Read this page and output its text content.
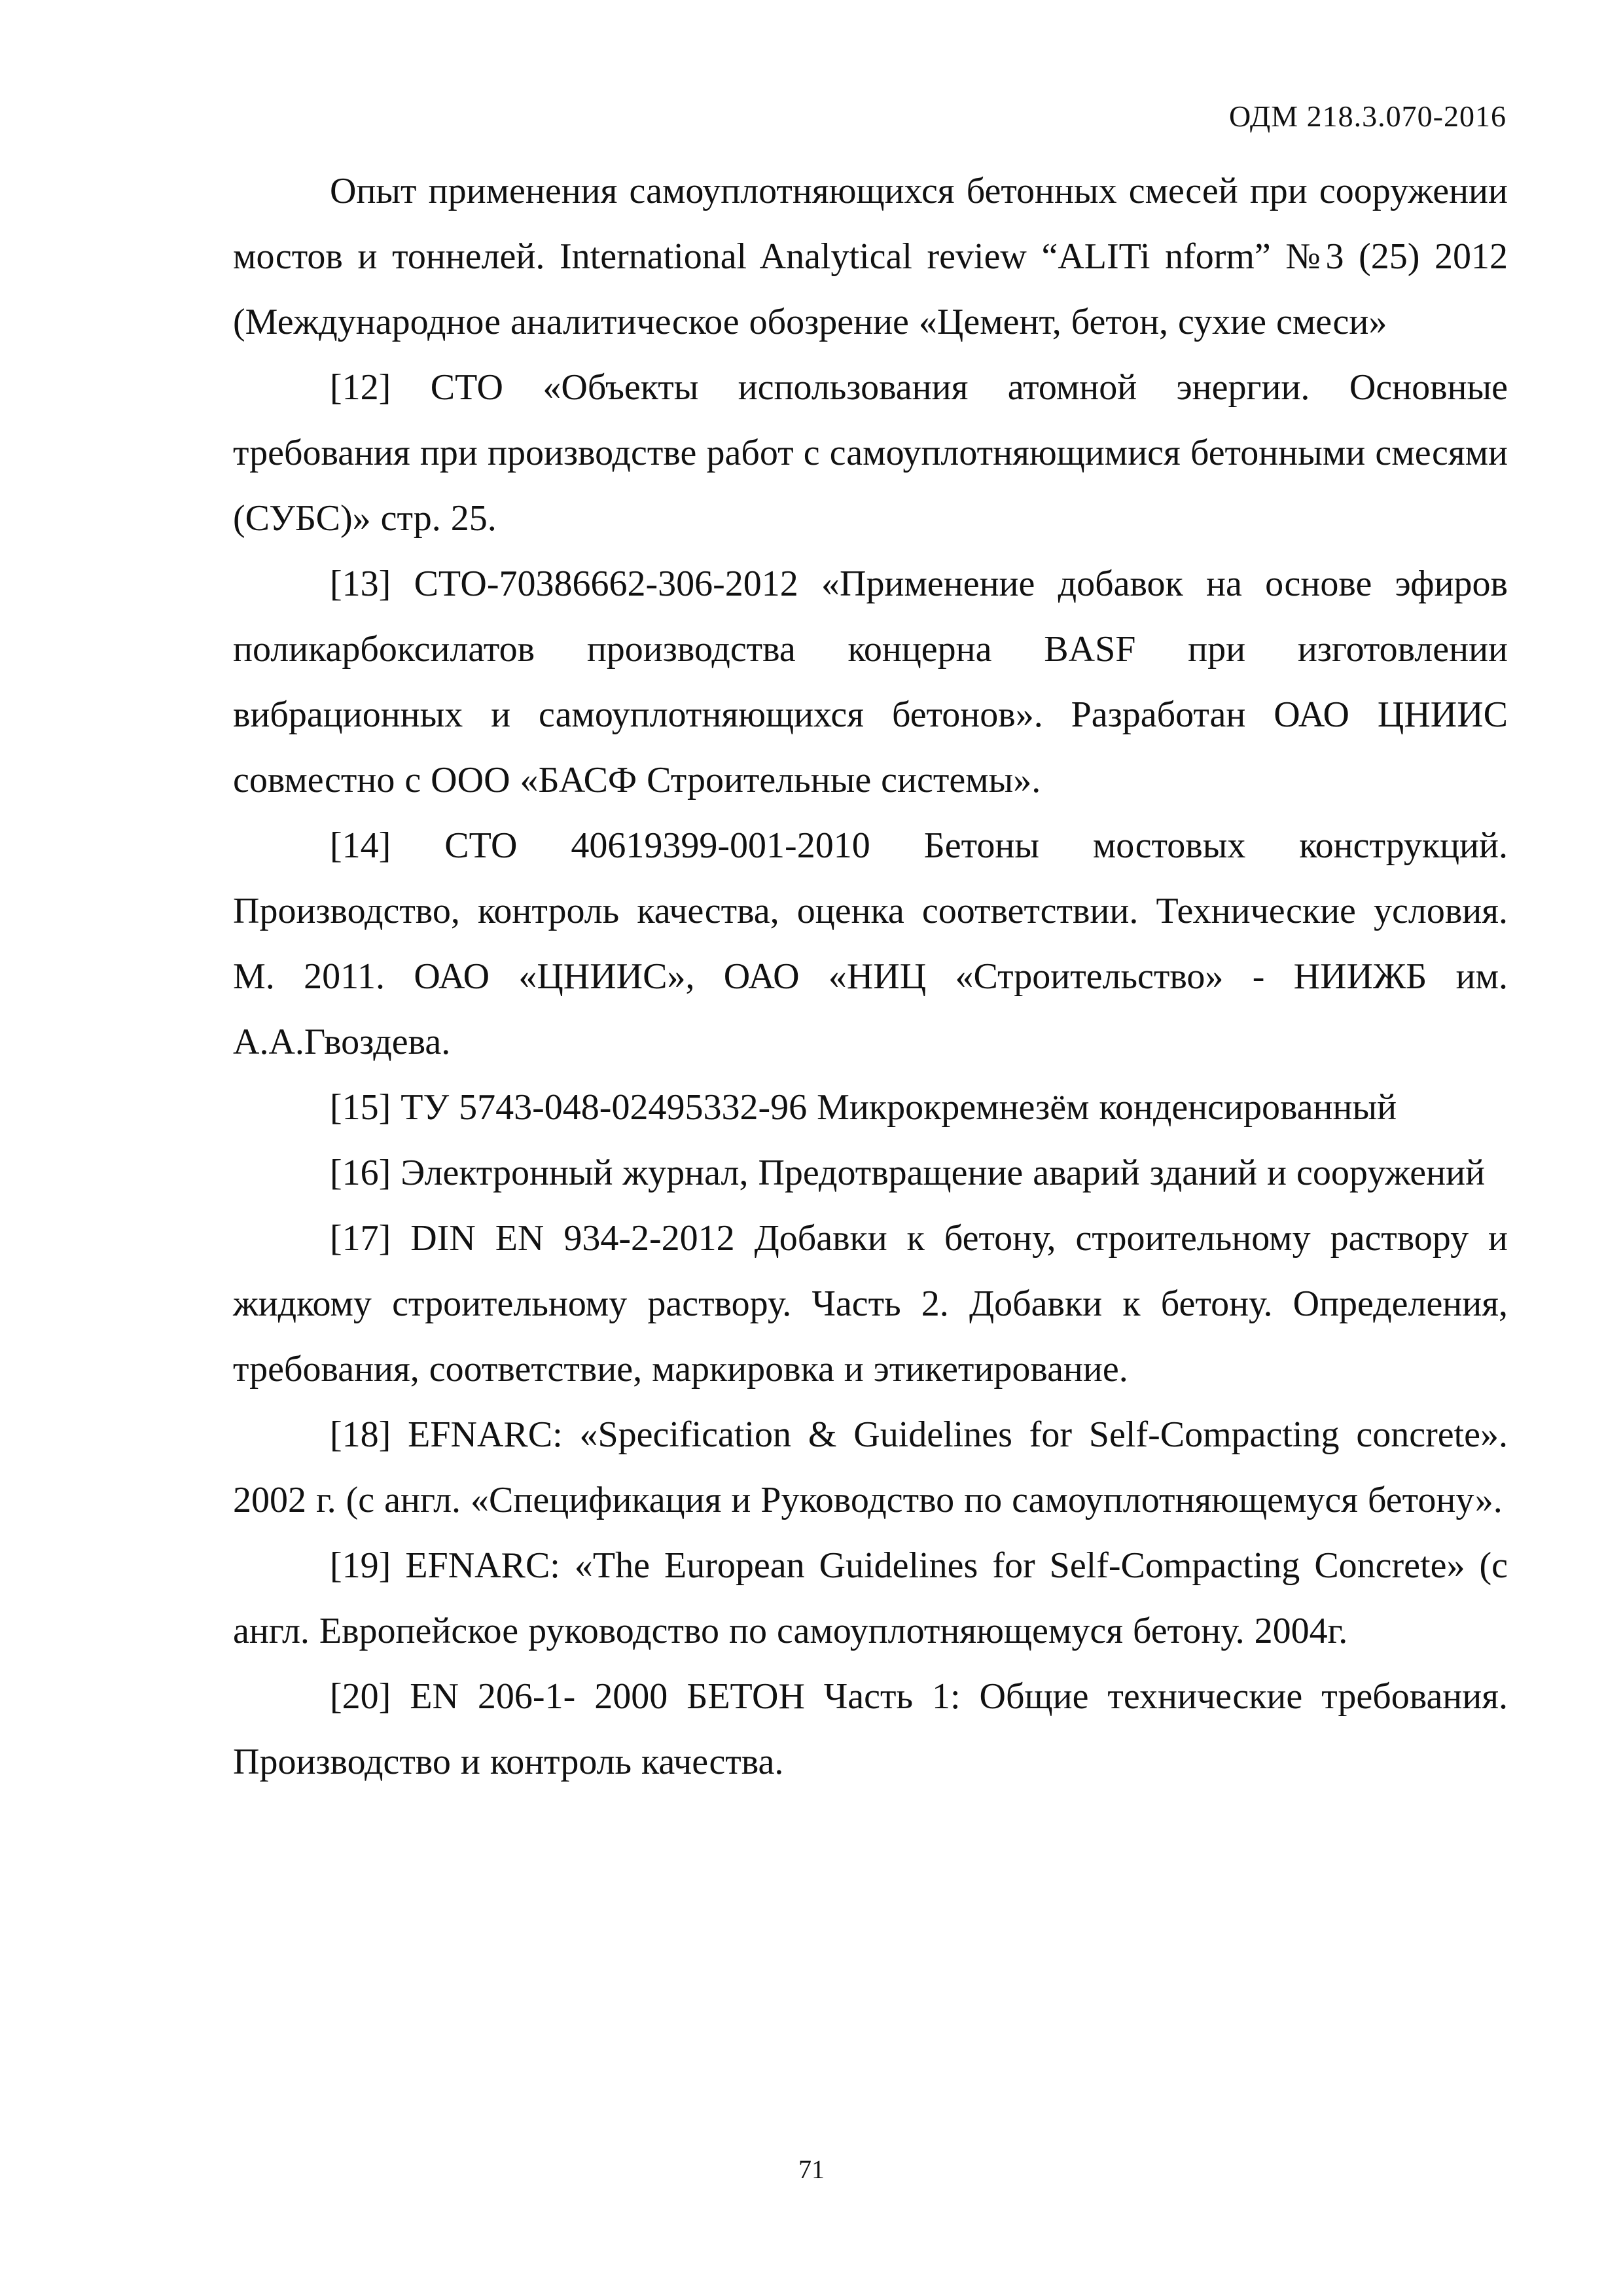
ОДМ 218.3.070-2016

Опыт применения самоуплотняющихся бетонных смесей при сооружении мостов и тоннелей. International Analytical review “ALITi nform” №3 (25) 2012 (Международное аналитическое обозрение «Цемент, бетон, сухие смеси»

[12] СТО «Объекты использования атомной энергии. Основные требования при производстве работ с самоуплотняющимися бетонными смесями (СУБС)» стр. 25.

[13] СТО-70386662-306-2012 «Применение добавок на основе эфиров поликарбоксилатов производства концерна BASF при изготовлении вибрационных и самоуплотняющихся бетонов». Разработан ОАО ЦНИИС совместно с ООО «БАСФ Строительные системы».

[14] СТО 40619399-001-2010 Бетоны мостовых конструкций. Производство, контроль качества, оценка соответствии. Технические условия. М. 2011. ОАО «ЦНИИС», ОАО «НИЦ «Строительство» - НИИЖБ им. А.А.Гвоздева.

[15] ТУ 5743-048-02495332-96 Микрокремнезём конденсированный

[16] Электронный журнал, Предотвращение аварий зданий и сооружений

[17] DIN EN 934-2-2012 Добавки к бетону, строительному раствору и жидкому строительному раствору. Часть 2. Добавки к бетону. Определения, требования, соответствие, маркировка и этикетирование.

[18] EFNARC: «Specification & Guidelines for Self-Compacting concrete». 2002 г. (с англ. «Спецификация и Руководство по самоуплотняющемуся бетону».

[19] EFNARC: «The European Guidelines for Self-Compacting Concrete» (с англ. Европейское руководство по самоуплотняющемуся бетону. 2004г.

[20] EN 206-1- 2000 БЕТОН Часть 1: Общие технические требования. Производство и контроль качества.

71
